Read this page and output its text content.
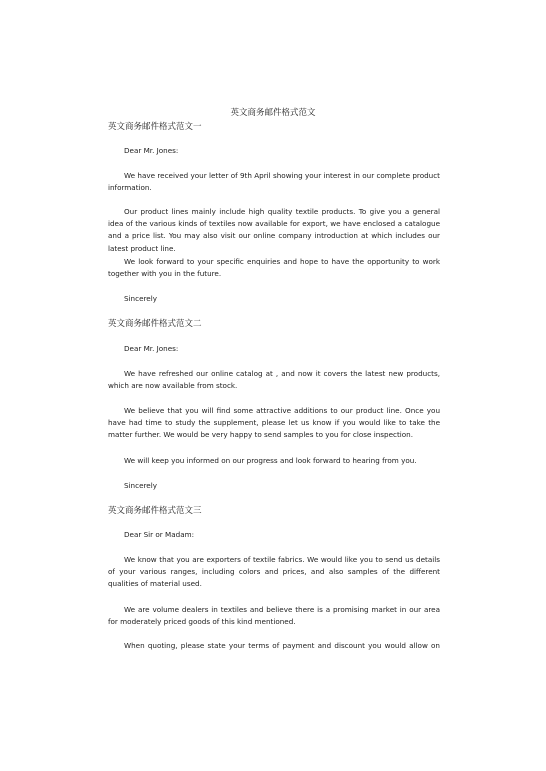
英文商务邮件格式范文
英文商务邮件格式范文一
Dear Mr. Jones:

We have received your letter of 9th April showing your interest in our complete product information.

Our product lines mainly include high quality textile products. To give you a general idea of the various kinds of textiles now available for export, we have enclosed a catalogue and a price list. You may also visit our online company introduction at which includes our latest product line.

We look forward to your specific enquiries and hope to have the opportunity to work together with you in the future.

Sincerely
英文商务邮件格式范文二
Dear Mr. Jones:

We have refreshed our online catalog at , and now it covers the latest new products, which are now available from stock.

We believe that you will find some attractive additions to our product line. Once you have had time to study the supplement, please let us know if you would like to take the matter further. We would be very happy to send samples to you for close inspection.

We will keep you informed on our progress and look forward to hearing from you.

Sincerely
英文商务邮件格式范文三
Dear Sir or Madam:

We know that you are exporters of textile fabrics. We would like you to send us details of your various ranges, including colors and prices, and also samples of the different qualities of material used.

We are volume dealers in textiles and believe there is a promising market in our area for moderately priced goods of this kind mentioned.

When quoting, please state your terms of payment and discount you would allow on
